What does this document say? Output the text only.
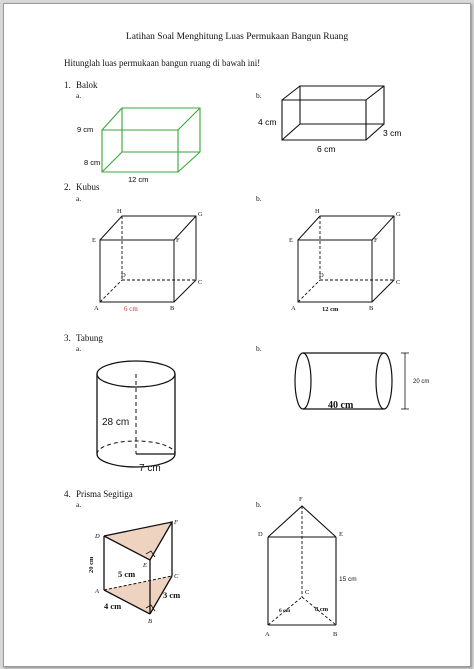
Latihan Soal Menghitung Luas Permukaan Bangun Ruang
Hitunglah luas permukaan bangun ruang di bawah ini!
1. Balok
a.	b.
2. Kubus
a.	b.
3. Tabung
a.	b.
4. Prisma Segitiga
a.	b.
9 cm
8 cm
12 cm
4 cm
3 cm
6 cm
A	B
C
D
E	F
G
H
6 cm	A	B
C
D
E	F
G
H
12 cm
28 cm
7 cm
40 cm
20 cm
A
B
C
D
E
F
20 cm
5 cm
4 cm
3 cm
A	B
C
D	E
F
15 cm
6 cm	8 cm
